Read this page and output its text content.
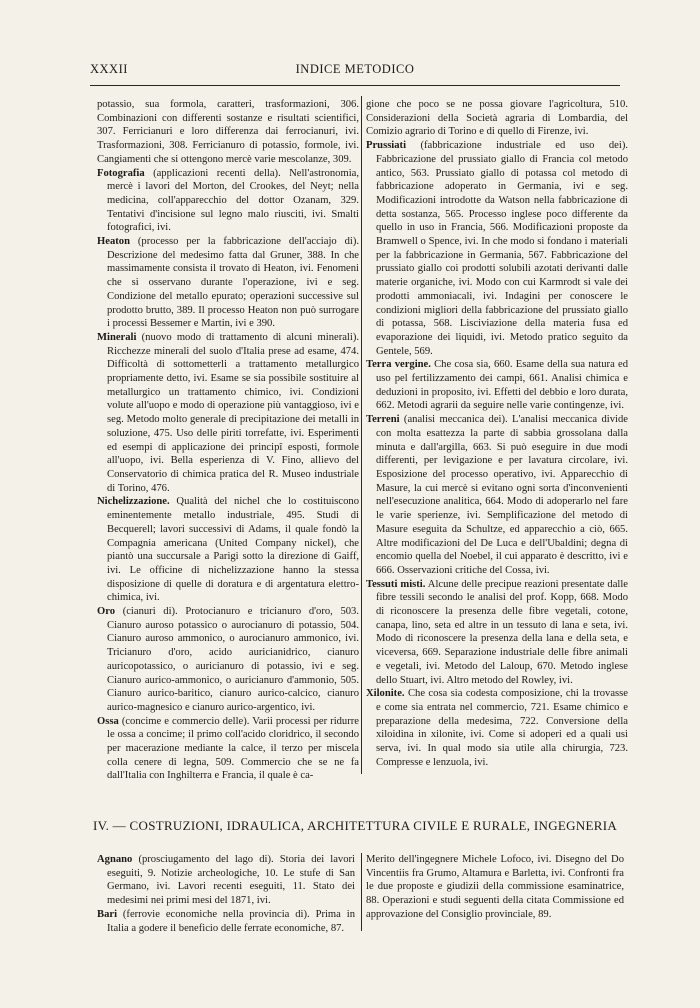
XXXII	INDICE METODICO
potassio, sua formola, caratteri, trasformazioni, 306. Combinazioni con differenti sostanze e risultati scientifici, 307. Ferricianuri e loro differenza dai ferrocianuri, ivi. Trasformazioni, 308. Ferricianuro di potassio, formole, ivi. Cangiamenti che si ottengono mercè varie mescolanze, 309.
Fotografia (applicazioni recenti della). Nell'astronomia, mercè i lavori del Morton, del Crookes, del Neyt; nella medicina, coll'apparecchio del dottor Ozanam, 329. Tentativi d'incisione sul legno malo riusciti, ivi. Smalti fotografici, ivi.
Heaton (processo per la fabbricazione dell'acciajo di). Descrizione del medesimo fatta dal Gruner, 388. In che massimamente consista il trovato di Heaton, ivi. Fenomeni che si osservano durante l'operazione, ivi e seg. Condizione del metallo epurato; operazioni successive sul prodotto brutto, 389. Il processo Heaton non può surrogare i processi Bessemer e Martin, ivi e 390.
Minerali (nuovo modo di trattamento di alcuni minerali). Ricchezze minerali del suolo d'Italia prese ad esame, 474. Difficoltà di sottometterli a trattamento metallurgico propriamente detto, ivi. Esame se sia possibile sostituire al metallurgico un trattamento chimico, ivi. Condizioni volute all'uopo e modo di operazione più vantaggioso, ivi e seg. Metodo molto generale di precipitazione dei metalli in soluzione, 475. Uso delle piriti torrefatte, ivi. Esperimenti ed esempi di applicazione dei principî esposti, formole all'uopo, ivi. Bella esperienza di V. Fino, allievo del Conservatorio di chimica pratica del R. Museo industriale di Torino, 476.
Nichelizzazione. Qualità del nichel che lo costituiscono eminentemente metallo industriale, 495. Studi di Becquerell; lavori successivi di Adams, il quale fondò la Compagnia americana (United Company nickel), che piantò una succursale a Parigi sotto la direzione di Gaiff, ivi. Le officine di nichelizzazione hanno la stessa disposizione di quelle di doratura e di argentatura elettro-chimica, ivi.
Oro (cianuri di). Protocianuro e tricianuro d'oro, 503. Cianuro auroso potassico o aurocianuro di potassio, 504. Cianuro auroso ammonico, o aurocianuro ammonico, ivi. Tricianuro d'oro, acido auricianidrico, cianuro auricopotassico, o auricianuro di potassio, ivi e seg. Cianuro aurico-ammonico, o auricianuro d'ammonio, 505. Cianuro aurico-baritico, cianuro aurico-calcico, cianuro aurico-magnesico e cianuro aurico-argentico, ivi.
Ossa (concime e commercio delle). Varii processi per ridurre le ossa a concime; il primo coll'acido cloridrico, il secondo per macerazione mediante la calce, il terzo per miscela colla cenere di legna, 509. Commercio che se ne fa dall'Italia con Inghilterra e Francia, il quale è ca-
gione che poco se ne possa giovare l'agricoltura, 510. Considerazioni della Società agraria di Lombardia, del Comizio agrario di Torino e di quello di Firenze, ivi.
Prussiati (fabbricazione industriale ed uso dei). Fabbricazione del prussiato giallo di Francia col metodo antico, 563. Prussiato giallo di potassa col metodo di fabbricazione adoperato in Germania, ivi e seg. Modificazioni introdotte da Watson nella fabbricazione di detta sostanza, 565. Processo inglese poco differente da quello in uso in Francia, 566. Modificazioni proposte da Bramwell o Spence, ivi. In che modo si fondano i materiali per la fabbricazione in Germania, 567. Fabbricazione del prussiato giallo coi prodotti solubili azotati derivanti dalle materie organiche, ivi. Modo con cui Karmrodt si vale dei prodotti ammoniacali, ivi. Indagini per conoscere le condizioni migliori della fabbricazione del prussiato giallo di potassa, 568. Lisciviazione della materia fusa ed evaporazione dei liquidi, ivi. Metodo pratico seguito da Gentele, 569.
Terra vergine. Che cosa sia, 660. Esame della sua natura ed uso pel fertilizzamento dei campi, 661. Analisi chimica e deduzioni in proposito, ivi. Effetti del debbio e loro durata, 662. Metodi agrarii da seguire nelle varie contingenze, ivi.
Terreni (analisi meccanica dei). L'analisi meccanica divide con molta esattezza la parte di sabbia grossolana dalla minuta e dall'argilla, 663. Si può eseguire in due modi differenti, per levigazione e per lavatura circolare, ivi. Esposizione del processo operativo, ivi. Apparecchio di Masure, la cui mercè si evitano ogni sorta d'inconvenienti nell'esecuzione analitica, 664. Modo di adoperarlo nel fare le varie sperienze, ivi. Semplificazione del metodo di Masure eseguita da Schultze, ed apparecchio a ciò, 665. Altre modificazioni del De Luca e dell'Ubaldini; degna di encomio quella del Noebel, il cui apparato è descritto, ivi e 666. Osservazioni critiche del Cossa, ivi.
Tessuti misti. Alcune delle precipue reazioni presentate dalle fibre tessili secondo le analisi del prof. Kopp, 668. Modo di riconoscere la presenza delle fibre vegetali, cotone, canapa, lino, seta ed altre in un tessuto di lana e seta, ivi. Modo di riconoscere la presenza della lana e della seta, e viceversa, 669. Separazione industriale delle fibre animali e vegetali, ivi. Metodo del Laloup, 670. Metodo inglese dello Stuart, ivi. Altro metodo del Rowley, ivi.
Xilonite. Che cosa sia codesta composizione, chi la trovasse e come sia entrata nel commercio, 721. Esame chimico e preparazione della medesima, 722. Conversione della xiloidina in xilonite, ivi. Come si adoperi ed a quali usi serva, ivi. In qual modo sia utile alla chirurgia, 723. Compresse e lenzuola, ivi.
IV. — COSTRUZIONI, IDRAULICA, ARCHITETTURA CIVILE E RURALE, INGEGNERIA
Agnano (prosciugamento del lago di). Storia dei lavori eseguiti, 9. Notizie archeologiche, 10. Le stufe di San Germano, ivi. Lavori recenti eseguiti, 11. Stato dei medesimi nei primi mesi del 1871, ivi.
Bari (ferrovie economiche nella provincia di). Prima in Italia a godere il beneficio delle ferrate economiche, 87.
Merito dell'ingegnere Michele Lofoco, ivi. Disegno del Do Vincentiis fra Grumo, Altamura e Barletta, ivi. Confronti fra le due proposte e giudizii della commissione esaminatrice, 88. Operazioni e studi seguenti della citata Commissione ed approvazione del Consiglio provinciale, 89.
